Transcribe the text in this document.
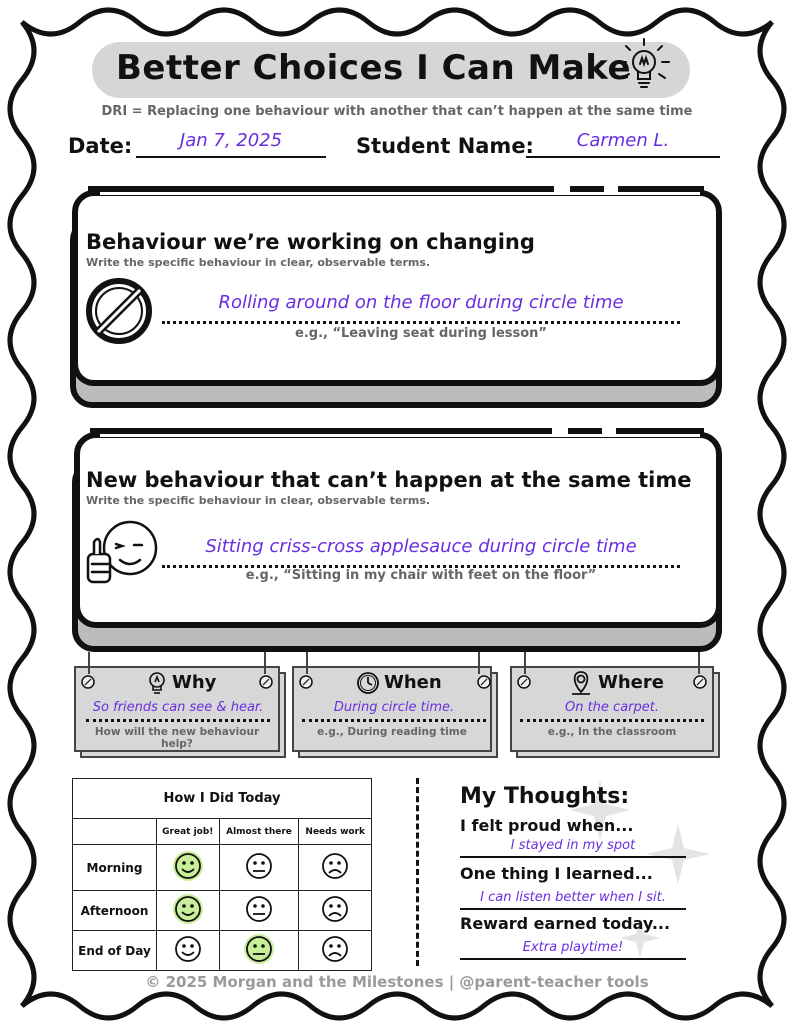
Better Choices I Can Make
DRI = Replacing one behaviour with another that can’t happen at the same time
Date:	Jan 7, 2025	Student Name:	Carmen L.
Behaviour we’re working on changing
Write the specific behaviour in clear, observable terms.
Rolling around on the floor during circle time
e.g., “Leaving seat during lesson”
New behaviour that can’t happen at the same time
Write the specific behaviour in clear, observable terms.
Sitting criss-cross applesauce during circle time
e.g., “Sitting in my chair with feet on the floor”
Why
So friends can see & hear.
How will the new behaviour help?
When
During circle time.
e.g., During reading time
Where
On the carpet.
e.g., In the classroom
How I Did Today			
	Great job!	Almost there	Needs work
Morning			
Afternoon			
End of Day			
My Thoughts:
I felt proud when...
I stayed in my spot
One thing I learned...
I can listen better when I sit.
Reward earned today...
Extra playtime!
© 2025 Morgan and the Milestones | @parent-teacher tools
